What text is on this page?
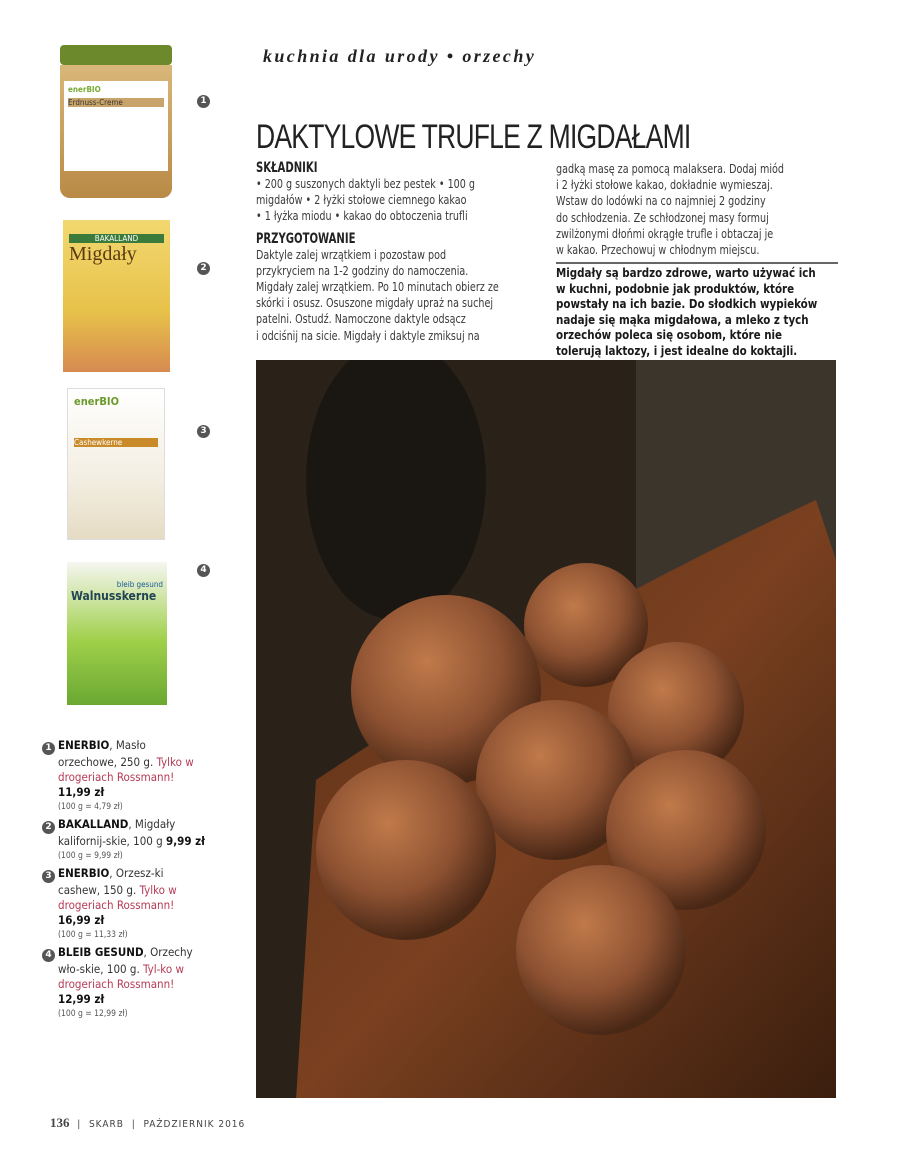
kuchnia dla urody • orzechy
DAKTYLOWE TRUFLE Z MIGDAŁAMI
SKŁADNIKI
• 200 g suszonych daktyli bez pestek • 100 g
migdałów • 2 łyżki stołowe ciemnego kakao
• 1 łyżka miodu • kakao do obtoczenia trufli
PRZYGOTOWANIE
Daktyle zalej wrzątkiem i pozostaw pod
przykryciem na 1-2 godziny do namoczenia.
Migdały zalej wrzątkiem. Po 10 minutach obierz ze
skórki i osusz. Osuszone migdały upraż na suchej
patelni. Ostudź. Namoczone daktyle odsącz
i odciśnij na sicie. Migdały i daktyle zmiksuj na
gadką masę za pomocą malaksera. Dodaj miód
i 2 łyżki stołowe kakao, dokładnie wymieszaj.
Wstaw do lodówki na co najmniej 2 godziny
do schłodzenia. Ze schłodzonej masy formuj
zwilżonymi dłońmi okrągłe trufle i obtaczaj je
w kakao. Przechowuj w chłodnym miejscu.
Migdały są bardzo zdrowe, warto używać ich
w kuchni, podobnie jak produktów, które
powstały na ich bazie. Do słodkich wypieków
nadaje się mąka migdałowa, a mleko z tych
orzechów poleca się osobom, które nie
tolerują laktozy, i jest idealne do koktajli.
enerBIO
Erdnuss-Creme
BAKALLAND
Migdały
enerBIO
Cashewkerne
bleib gesund
Walnusskerne
1
2
3
4
1 ENERBIO, Masło orzechowe, 250 g. Tylko w drogeriach Rossmann! 11,99 zł
(100 g = 4,79 zł)
2 BAKALLAND, Migdały kalifornij-skie, 100 g 9,99 zł
(100 g = 9,99 zł)
3 ENERBIO, Orzesz-ki cashew, 150 g. Tylko w drogeriach Rossmann! 16,99 zł
(100 g = 11,33 zł)
4 BLEIB GESUND, Orzechy wło-skie, 100 g. Tyl-ko w drogeriach Rossmann! 12,99 zł
(100 g = 12,99 zł)
136  |  SKARB  |  PAŹDZIERNIK 2016
